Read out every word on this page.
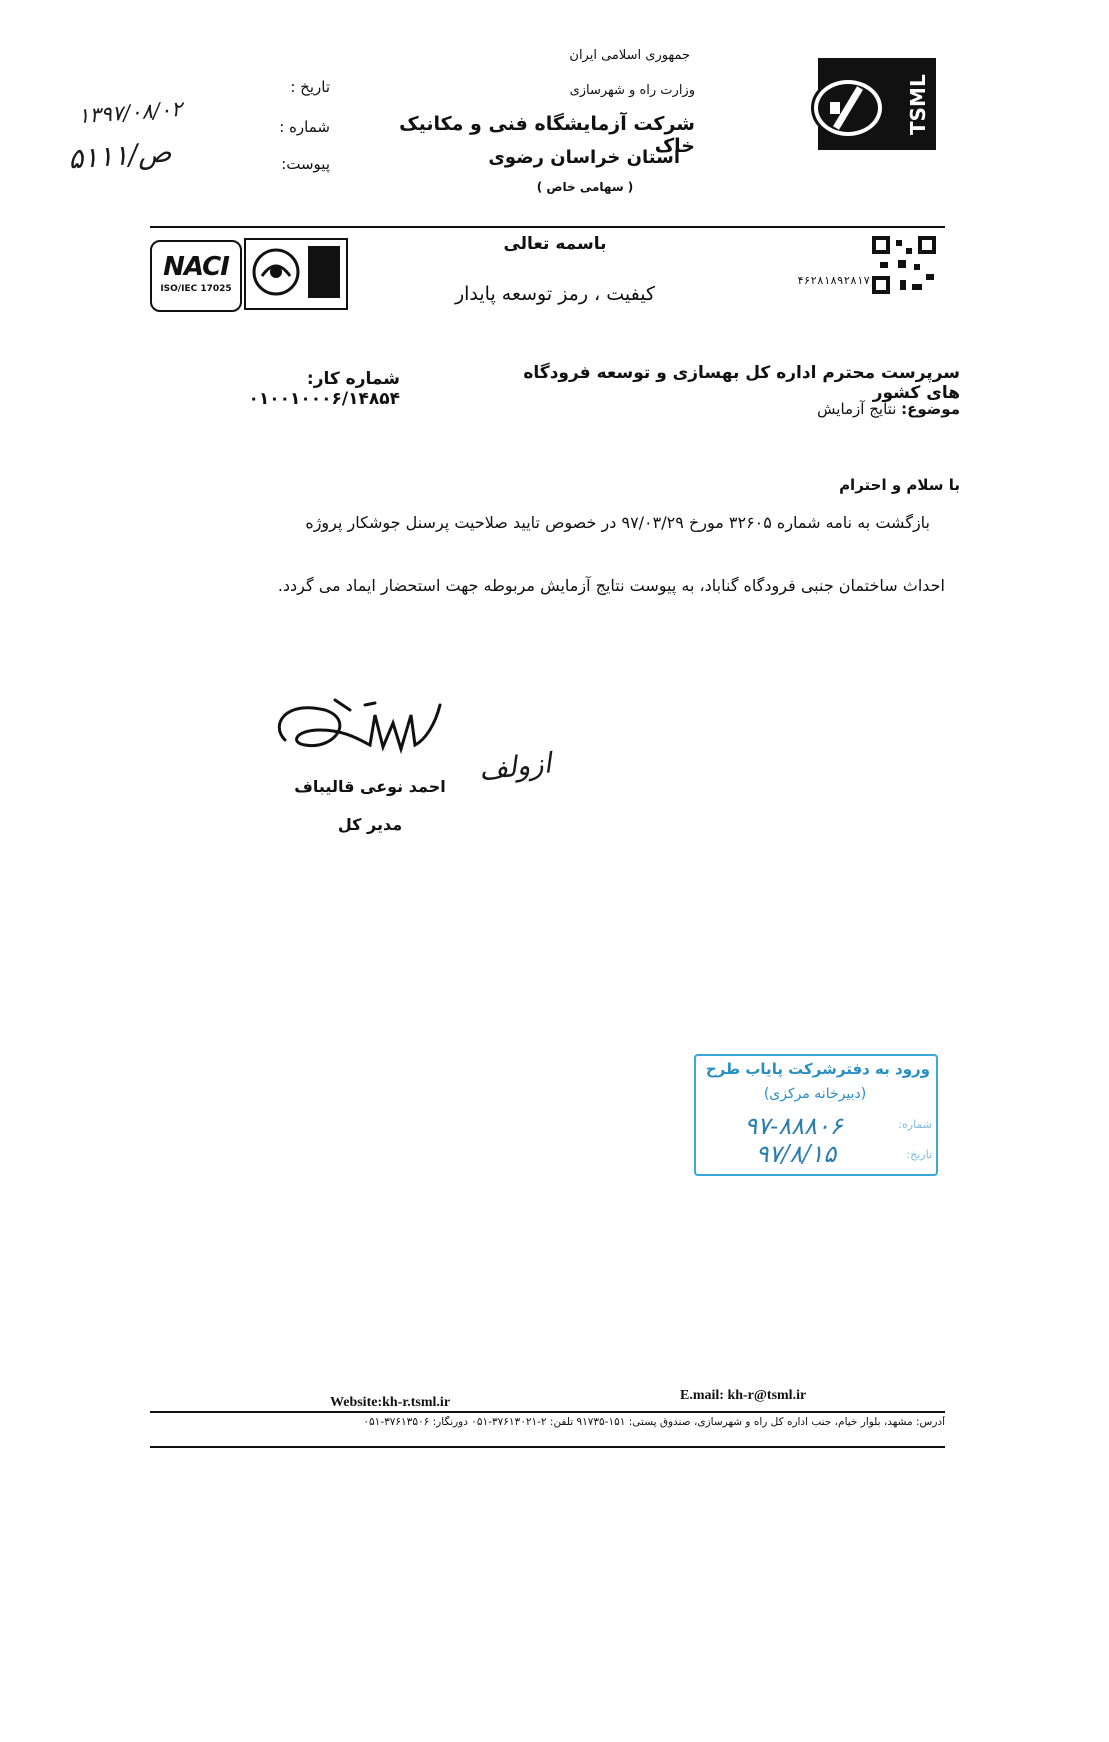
TSML
جمهوری اسلامی ایران
وزارت راه و شهرسازی
شرکت آزمایشگاه فنی و مکانیک خاک
استان خراسان رضوی
( سهامی خاص )
تاریخ :
شماره :
پیوست:
۱۳۹۷/۰۸/۰۲
۵۱۱۱/ص
NACI
ISO/IEC 17025
باسمه تعالی
کیفیت ، رمز توسعه پایدار
۴۶۲۸۱۸۹۲۸۱۷
سرپرست محترم اداره کل بهسازی و توسعه فرودگاه های کشور
شماره کار: ۰۱۰۰۱۰۰۰۶/۱۴۸۵۴	موضوع: نتایج آزمایش
با سلام و احترام
بازگشت به نامه شماره ۳۲۶۰۵ مورخ ۹۷/۰۳/۲۹ در خصوص تایید صلاحیت پرسنل جوشکار پروژه
احداث ساختمان جنبی فرودگاه گناباد، به پیوست نتایج آزمایش مربوطه جهت استحضار ایماد می گردد.
ازولف
احمد نوعی قالیباف
مدیر کل
ورود به دفترشرکت پایاب طرح
(دبیرخانه مرکزی)
شماره:
۹۷-۸۸۸۰۶
تاریخ:
۹۷/۸/۱۵
Website:kh-r.tsml.ir	E.mail: kh-r@tsml.ir
آدرس: مشهد، بلوار خیام، جنب اداره کل راه و شهرسازی، صندوق پستی: ۱۵۱-۹۱۷۳۵ تلفن: ۲-۳۷۶۱۳۰۲۱-۰۵۱ دورنگار: ۳۷۶۱۳۵۰۶-۰۵۱
